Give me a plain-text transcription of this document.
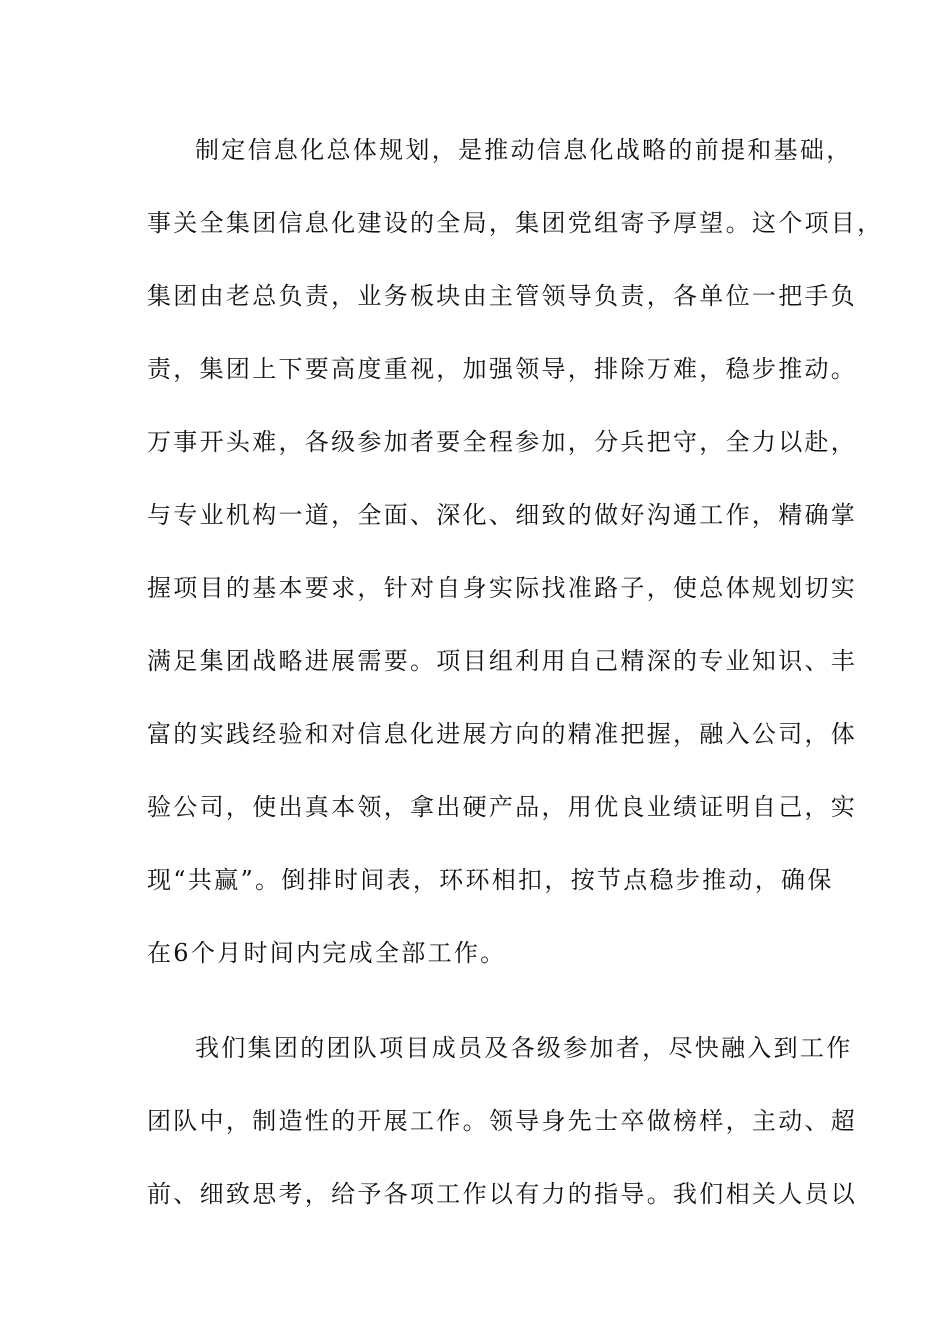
制定信息化总体规划，是推动信息化战略的前提和基础，
事关全集团信息化建设的全局，集团党组寄予厚望。这个项目，
集团由老总负责，业务板块由主管领导负责，各单位一把手负
责，集团上下要高度重视，加强领导，排除万难，稳步推动。
万事开头难，各级参加者要全程参加，分兵把守，全力以赴，
与专业机构一道，全面、深化、细致的做好沟通工作，精确掌
握项目的基本要求，针对自身实际找准路子，使总体规划切实
满足集团战略进展需要。项目组利用自己精深的专业知识、丰
富的实践经验和对信息化进展方向的精准把握，融入公司，体
验公司，使出真本领，拿出硬产品，用优良业绩证明自己，实
现“共赢”。倒排时间表，环环相扣，按节点稳步推动，确保
在6个月时间内完成全部工作。
我们集团的团队项目成员及各级参加者，尽快融入到工作
团队中，制造性的开展工作。领导身先士卒做榜样，主动、超
前、细致思考，给予各项工作以有力的指导。我们相关人员以
